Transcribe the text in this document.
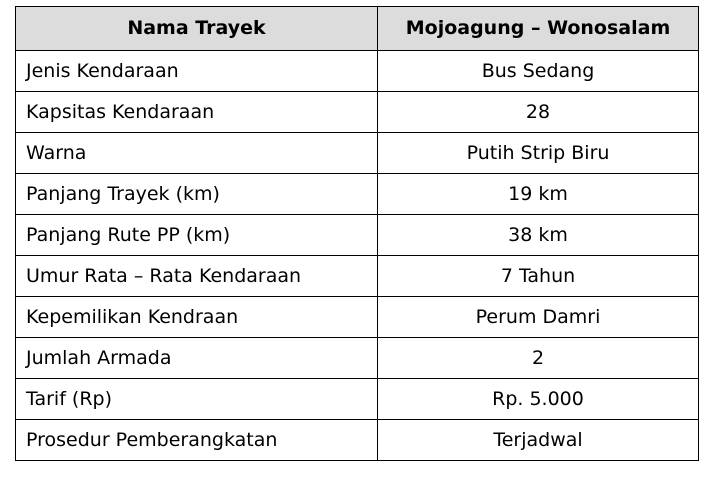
Nama Trayek	Mojoagung – Wonosalam
Jenis Kendaraan	Bus Sedang
Kapsitas Kendaraan	28
Warna	Putih Strip Biru
Panjang Trayek (km)	19 km
Panjang Rute PP (km)	38 km
Umur Rata – Rata Kendaraan	7 Tahun
Kepemilikan Kendraan	Perum Damri
Jumlah Armada	2
Tarif (Rp)	Rp. 5.000
Prosedur Pemberangkatan	Terjadwal
